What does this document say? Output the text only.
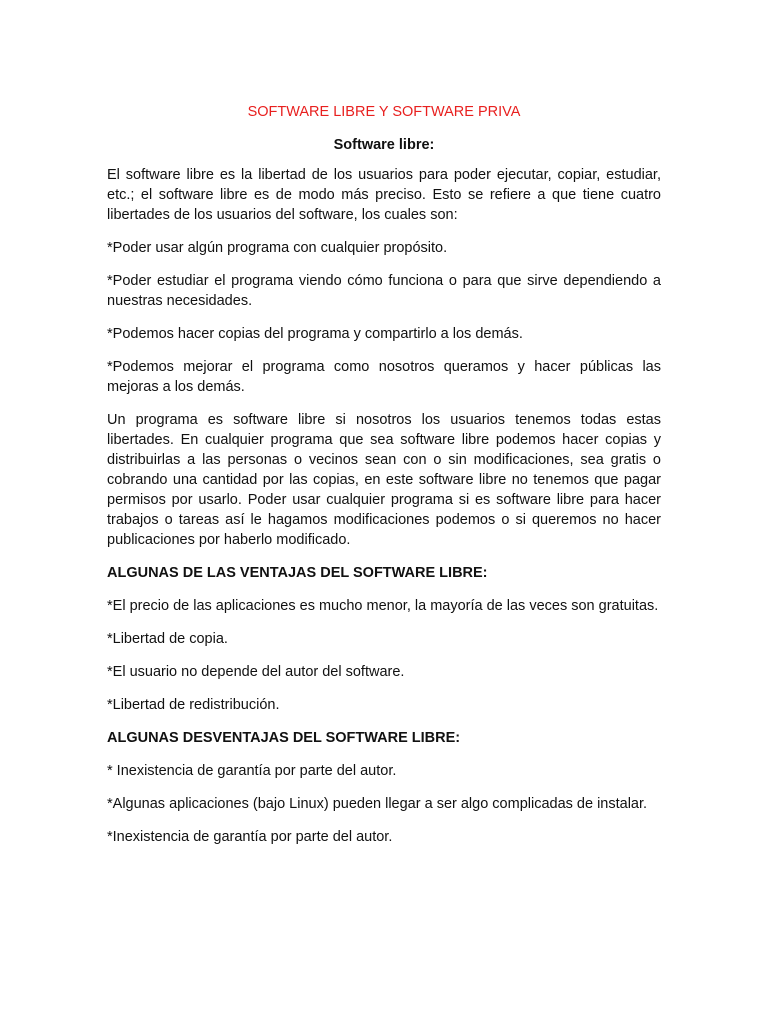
SOFTWARE LIBRE Y SOFTWARE PRIVA

Software libre:

El software libre es la libertad de los usuarios para poder ejecutar, copiar, estudiar, etc.; el software libre es de modo más preciso. Esto se refiere a que tiene cuatro libertades de los usuarios del software, los cuales son:

*Poder usar algún programa con cualquier propósito.

*Poder estudiar el programa viendo cómo funciona o para que sirve dependiendo a nuestras necesidades.

*Podemos hacer copias del programa y compartirlo a los demás.

*Podemos mejorar el programa como nosotros queramos y hacer públicas las mejoras a los demás.

Un programa es software libre si nosotros los usuarios tenemos todas estas libertades. En cualquier programa que sea software libre podemos hacer copias y distribuirlas a las personas o vecinos sean con o sin modificaciones, sea gratis o cobrando una cantidad por las copias, en este software libre no tenemos que pagar permisos por usarlo. Poder usar cualquier programa si es software libre para hacer trabajos o tareas así le hagamos modificaciones podemos o si queremos no hacer publicaciones por haberlo modificado.

ALGUNAS DE LAS VENTAJAS DEL SOFTWARE LIBRE:

*El precio de las aplicaciones es mucho menor, la mayoría de las veces son gratuitas.

*Libertad de copia.

*El usuario no depende del autor del software.

*Libertad de redistribución.

ALGUNAS DESVENTAJAS DEL SOFTWARE LIBRE:

* Inexistencia de garantía por parte del autor.

*Algunas aplicaciones (bajo Linux) pueden llegar a ser algo complicadas de instalar.

*Inexistencia de garantía por parte del autor.
